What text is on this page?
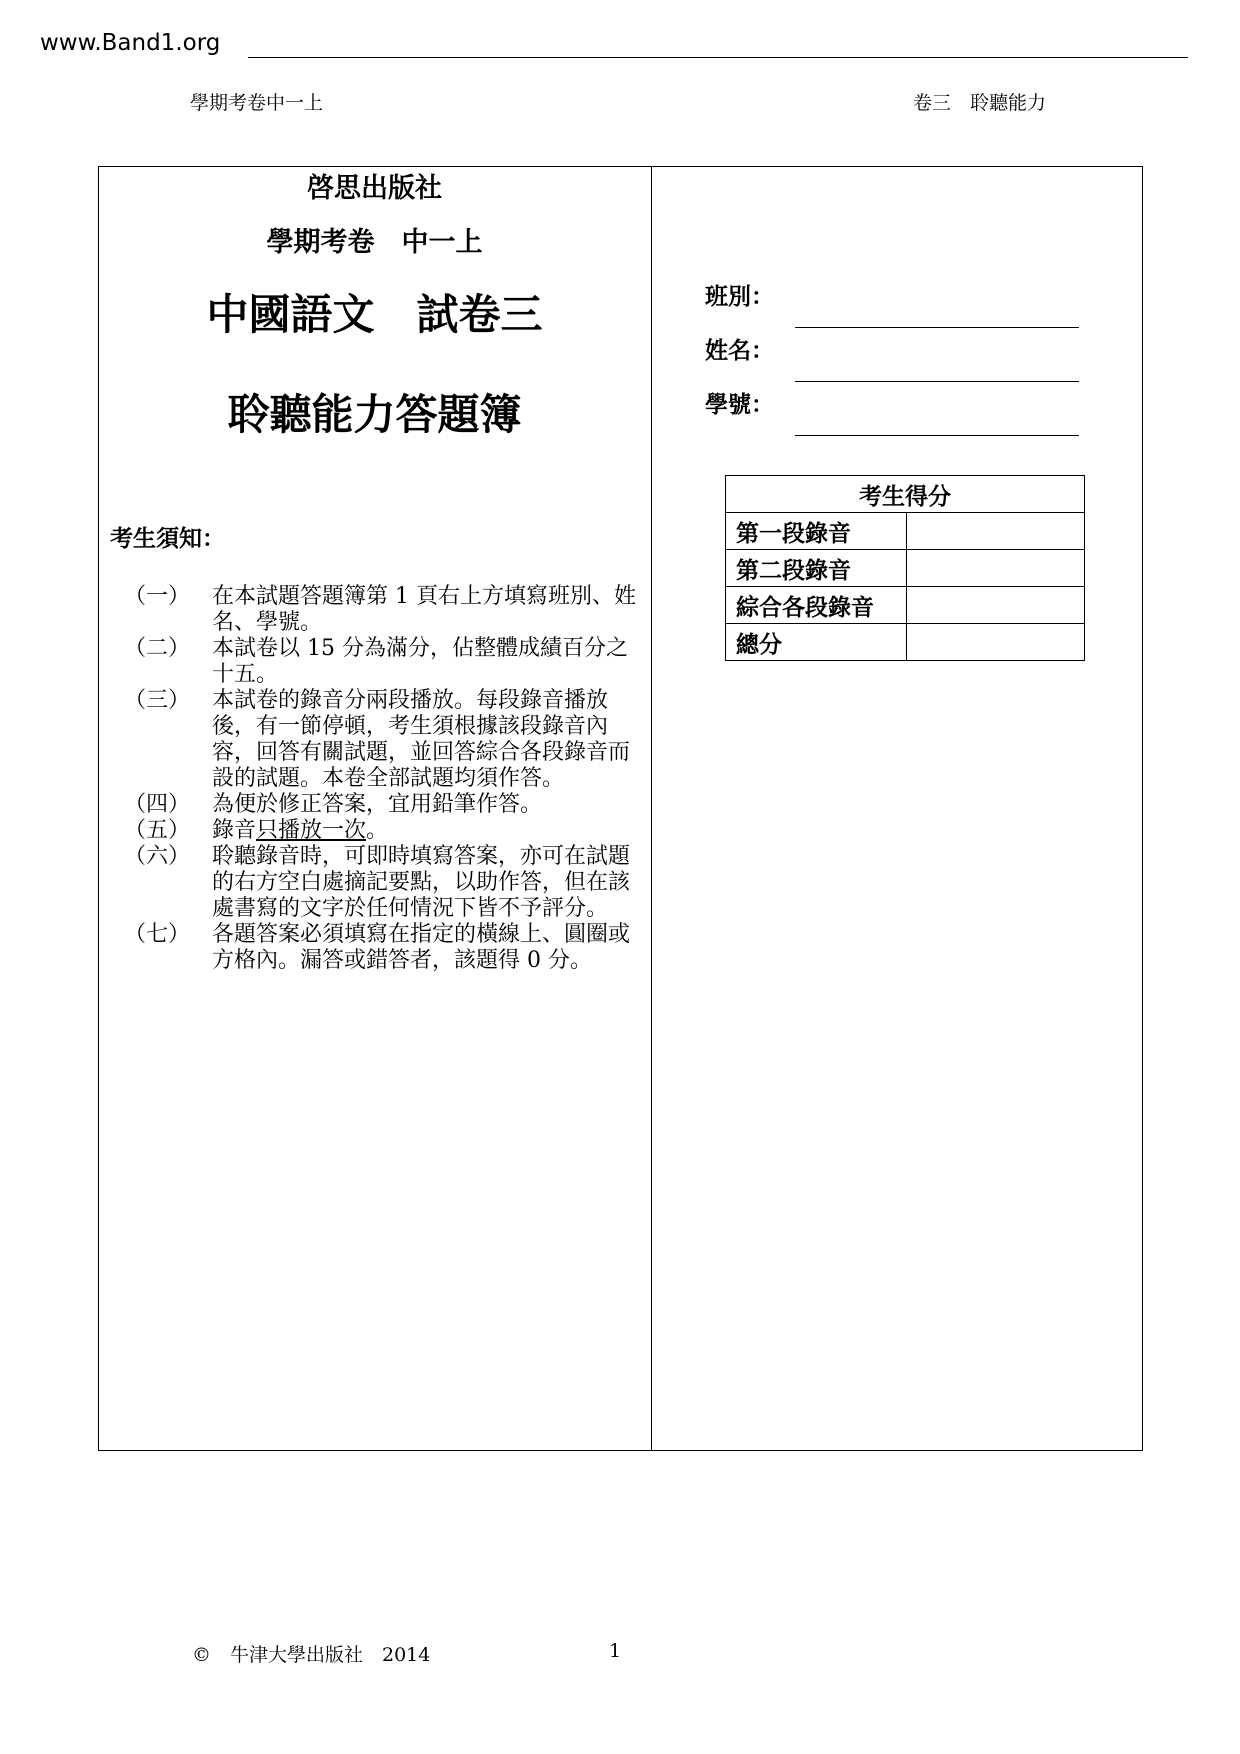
www.Band1.org
學期考卷中一上	卷三　聆聽能力
啓思出版社
學期考卷　中一上
中國語文　試卷三
聆聽能力答題簿
考生須知：
（一） 在本試題答題簿第 1 頁右上方填寫班別、姓名、學號。
（二） 本試卷以 15 分為滿分，佔整體成績百分之十五。
（三） 本試卷的錄音分兩段播放。每段錄音播放後，有一節停頓，考生須根據該段錄音內容，回答有關試題，並回答綜合各段錄音而設的試題。本卷全部試題均須作答。
（四） 為便於修正答案，宜用鉛筆作答。
（五） 錄音只播放一次。
（六） 聆聽錄音時，可即時填寫答案，亦可在試題的右方空白處摘記要點，以助作答，但在該處書寫的文字於任何情況下皆不予評分。
（七） 各題答案必須填寫在指定的橫線上、圓圈或方格內。漏答或錯答者，該題得 0 分。
班別：
姓名：
學號：
考生得分	
第一段錄音	
第二段錄音	
綜合各段錄音	
總分	
©　牛津大學出版社　2014	1
